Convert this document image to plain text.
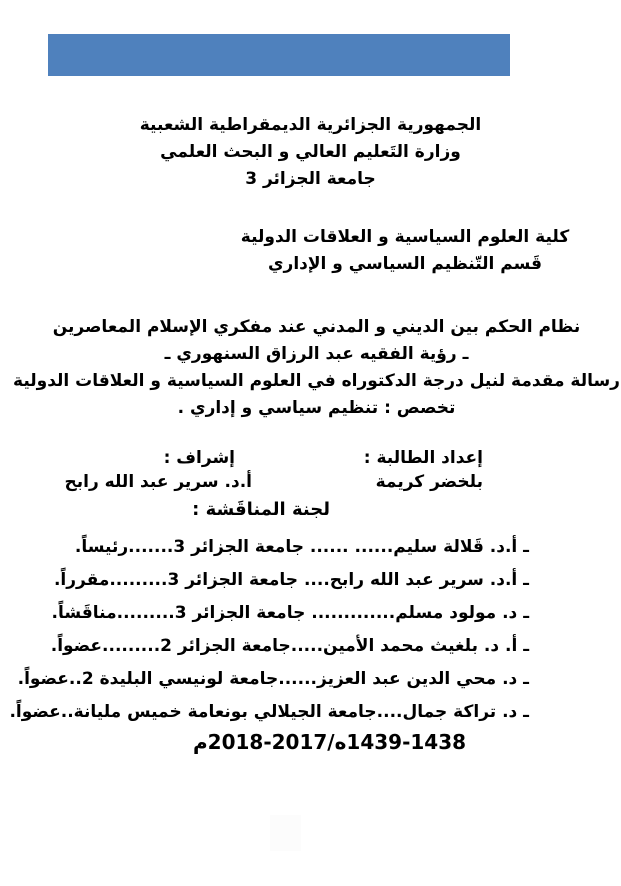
الجمهورية الجزائرية الديمقراطية الشعبية
وزارة التَعليم العالي و البحث العلمي
جامعة الجزائر 3
كلية العلوم السياسية و العلاقات الدولية
قَسم التّنظيم السياسي و الإداري
نظام الحكم بين الديني و المدني عند مفكري الإسلام المعاصرين
ـ رؤية الفقيه عبد الرزاق السنهوري ـ
رسالة مقدمة لنيل درجة الدكتوراه في العلوم السياسية و العلاقات الدولية
تخصص : تنظيم سياسي و إداري .
إعداد الطالبة :
بلخضر كريمة
إشراف :
أ.د. سرير عبد الله رابح
لجنة المناقَشة :
ـ أ.د. قَلالة سليم...... ...... جامعة الجزائر 3.......رئيساً.
ـ أ.د. سرير عبد الله رابح.... جامعة الجزائر 3.........مقرراً.
ـ د. مولود مسلم............. جامعة الجزائر 3.........مناقَشاً.
ـ أ. د. بلغيث محمد الأمين.....جامعة الجزائر 2.........عضواً.
ـ د. محي الدين عبد العزيز......جامعة لونيسي البليدة 2..عضواً.
ـ د. تراكة جمال....جامعة الجيلالي بونعامة خميس مليانة..عضواً.
م2018-2017/ه1439-1438
